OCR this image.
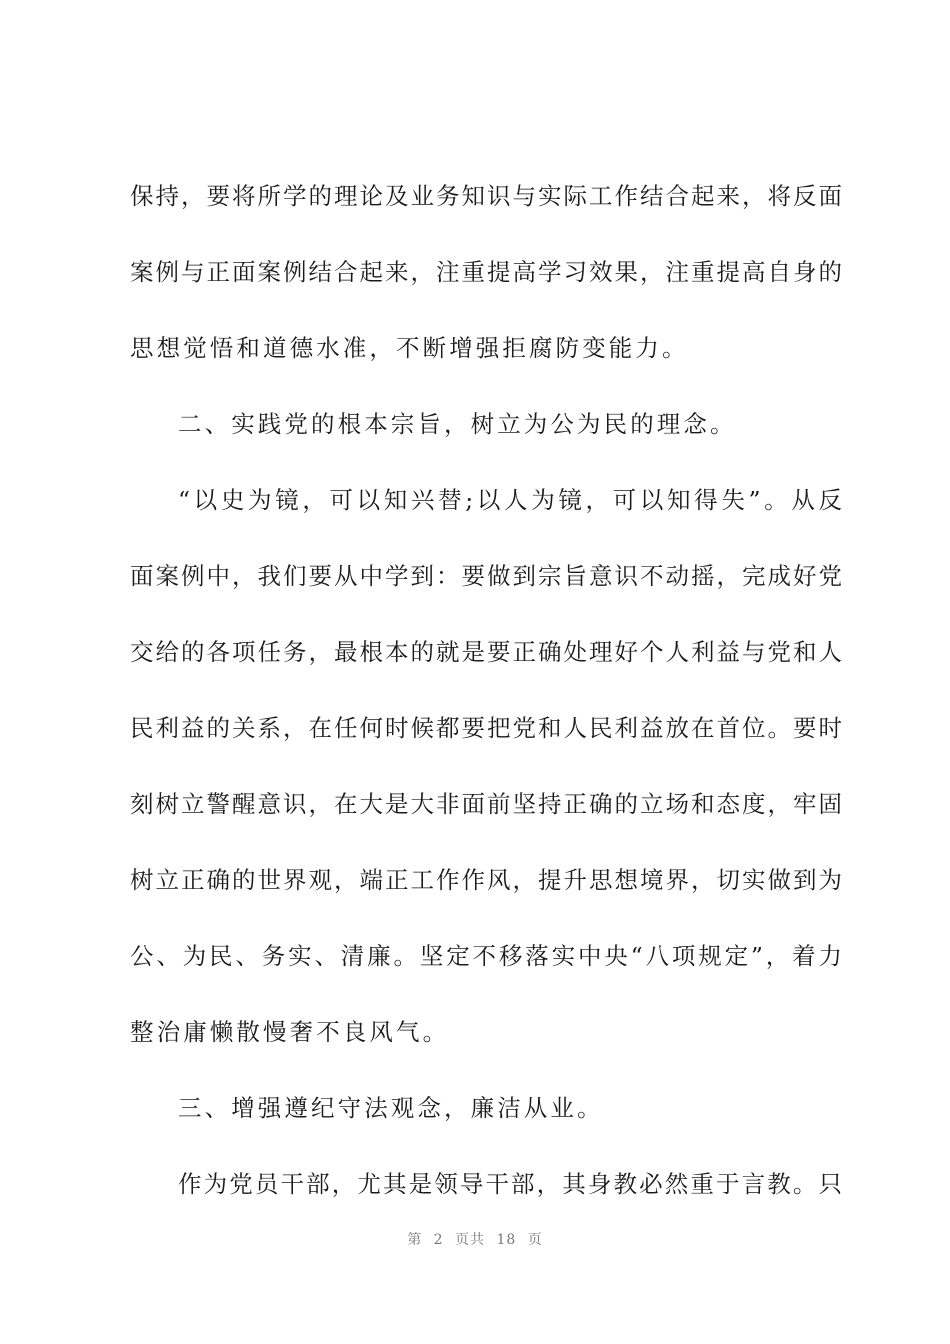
保持，要将所学的理论及业务知识与实际工作结合起来，将反面
案例与正面案例结合起来，注重提高学习效果，注重提高自身的
思想觉悟和道德水准，不断增强拒腐防变能力。
二、实践党的根本宗旨，树立为公为民的理念。
“以史为镜，可以知兴替;以人为镜，可以知得失”。从反
面案例中，我们要从中学到：要做到宗旨意识不动摇，完成好党
交给的各项任务，最根本的就是要正确处理好个人利益与党和人
民利益的关系，在任何时候都要把党和人民利益放在首位。要时
刻树立警醒意识，在大是大非面前坚持正确的立场和态度，牢固
树立正确的世界观，端正工作作风，提升思想境界，切实做到为
公、为民、务实、清廉。坚定不移落实中央“八项规定”，着力
整治庸懒散慢奢不良风气。
三、增强遵纪守法观念，廉洁从业。
作为党员干部，尤其是领导干部，其身教必然重于言教。只
第 2 页共 18 页
